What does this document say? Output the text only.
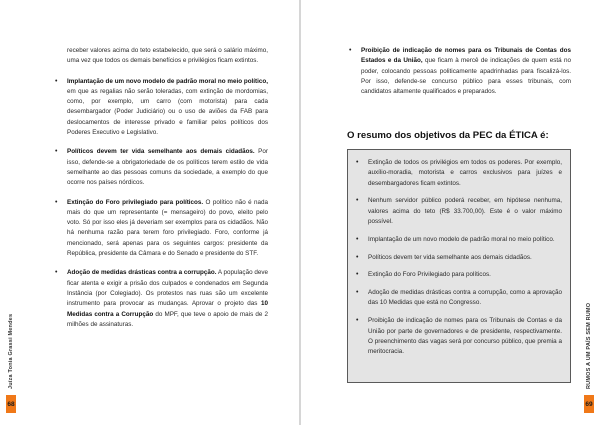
receber valores acima do teto estabelecido, que será o salário máximo, uma vez que todos os demais benefícios e privilégios ficam extintos.

• Implantação de um novo modelo de padrão moral no meio político, em que as regalias não serão toleradas, com extinção de mordomias, como, por exemplo, um carro (com motorista) para cada desembargador (Poder Judiciário) ou o uso de aviões da FAB para deslocamentos de interesse privado e familiar pelos políticos dos Poderes Executivo e Legislativo.
• Políticos devem ter vida semelhante aos demais cidadãos. Por isso, defende-se a obrigatoriedade de os políticos terem estilo de vida semelhante ao das pessoas comuns da sociedade, a exemplo do que ocorre nos países nórdicos.
• Extinção do Foro privilegiado para políticos. O político não é nada mais do que um representante (= mensageiro) do povo, eleito pelo voto. Só por isso eles já deveriam ser exemplos para os cidadãos. Não há nenhuma razão para terem foro privilegiado. Foro, conforme já mencionado, será apenas para os seguintes cargos: presidente da República, presidente da Câmara e do Senado e presidente do STF.
• Adoção de medidas drásticas contra a corrupção. A população deve ficar atenta e exigir a prisão dos culpados e condenados em Segunda Instância (por Colegiado). Os protestos nas ruas são um excelente instrumento para provocar as mudanças. Aprovar o projeto das 10 Medidas contra a Corrupção do MPF, que teve o apoio de mais de 2 milhões de assinaturas.
Juíza Tonia Grassi Mendes
68
• Proibição de indicação de nomes para os Tribunais de Contas dos Estados e da União, que ficam à mercê de indicações de quem está no poder, colocando pessoas politicamente apadrinhadas para fiscalizá-los. Por isso, defende-se concurso público para esses tribunais, com candidatos altamente qualificados e preparados.
O resumo dos objetivos da PEC da ÉTICA é:
• Extinção de todos os privilégios em todos os poderes. Por exemplo, auxílio-moradia, motorista e carros exclusivos para juízes e desembargadores ficam extintos.
• Nenhum servidor público poderá receber, em hipótese nenhuma, valores acima do teto (R$ 33.700,00). Este é o valor máximo possível.
• Implantação de um novo modelo de padrão moral no meio político.
• Políticos devem ter vida semelhante aos demais cidadãos.
• Extinção do Foro Privilegiado para políticos.
• Adoção de medidas drásticas contra a corrupção, como a aprovação das 10 Medidas que está no Congresso.
• Proibição de indicação de nomes para os Tribunais de Contas e da União por parte de governadores e de presidente, respectivamente. O preenchimento das vagas será por concurso público, que premia a meritocracia.	RUMOS A UM PAÍS SEM RUMO
69
